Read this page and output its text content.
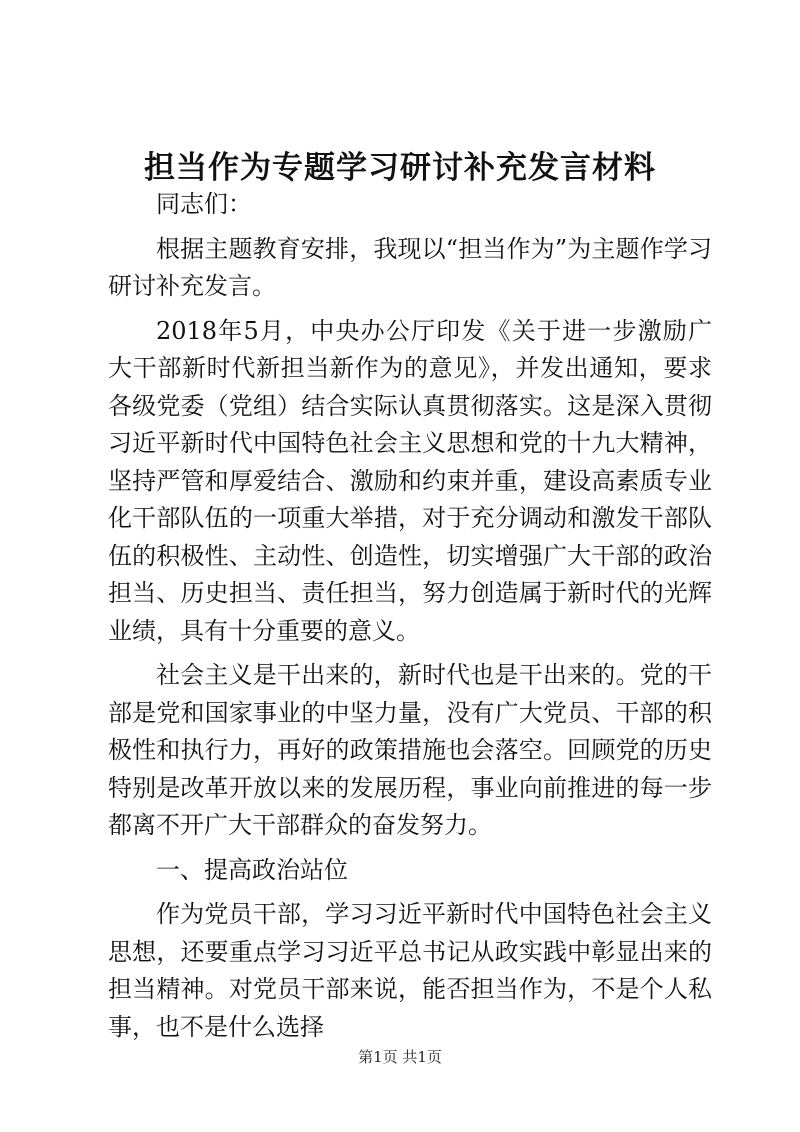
担当作为专题学习研讨补充发言材料

同志们：

根据主题教育安排，我现以“担当作为”为主题作学习研讨补充发言。

2018年5月，中央办公厅印发《关于进一步激励广大干部新时代新担当新作为的意见》，并发出通知，要求各级党委（党组）结合实际认真贯彻落实。这是深入贯彻习近平新时代中国特色社会主义思想和党的十九大精神，坚持严管和厚爱结合、激励和约束并重，建设高素质专业化干部队伍的一项重大举措，对于充分调动和激发干部队伍的积极性、主动性、创造性，切实增强广大干部的政治担当、历史担当、责任担当，努力创造属于新时代的光辉业绩，具有十分重要的意义。

社会主义是干出来的，新时代也是干出来的。党的干部是党和国家事业的中坚力量，没有广大党员、干部的积极性和执行力，再好的政策措施也会落空。回顾党的历史特别是改革开放以来的发展历程，事业向前推进的每一步都离不开广大干部群众的奋发努力。

一、提高政治站位

作为党员干部，学习习近平新时代中国特色社会主义思想，还要重点学习习近平总书记从政实践中彰显出来的担当精神。对党员干部来说，能否担当作为，不是个人私事，也不是什么选择

第1页 共1页
